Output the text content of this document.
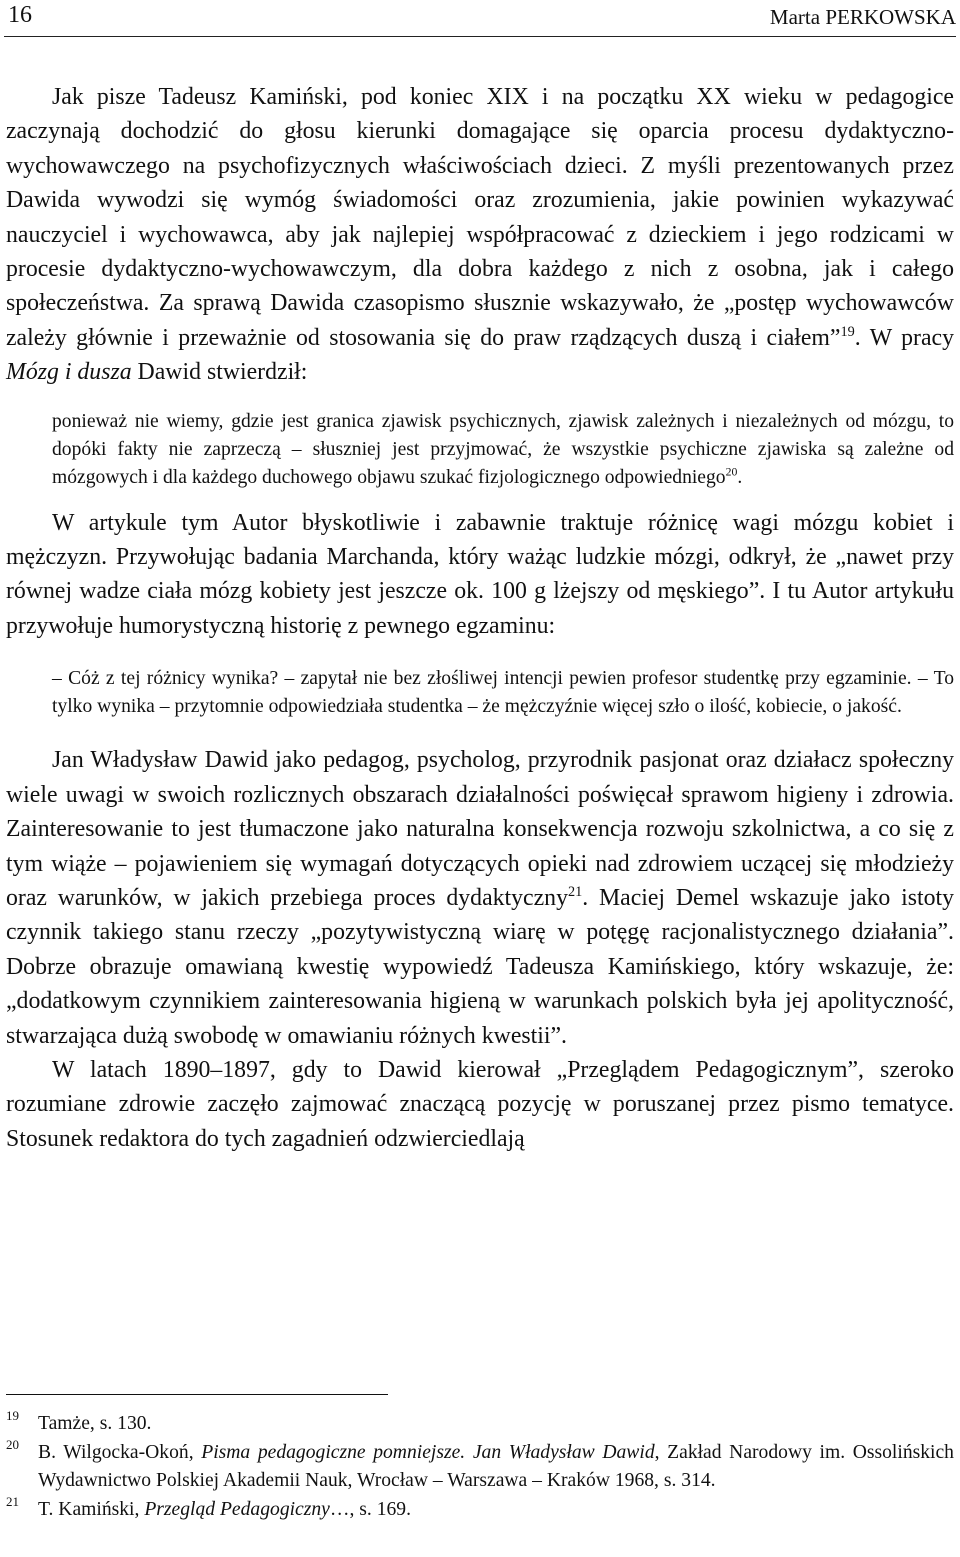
16	Marta PERKOWSKA

Jak pisze Tadeusz Kamiński, pod koniec XIX i na początku XX wieku w pedagogice zaczynają dochodzić do głosu kierunki domagające się oparcia procesu dydaktyczno-wychowawczego na psychofizycznych właściwościach dzieci. Z myśli prezentowanych przez Dawida wywodzi się wymóg świadomości oraz zrozumienia, jakie powinien wykazywać nauczyciel i wychowawca, aby jak najlepiej współpracować z dzieckiem i jego rodzicami w procesie dydaktyczno-wychowawczym, dla dobra każdego z nich z osobna, jak i całego społeczeństwa. Za sprawą Dawida czasopismo słusznie wskazywało, że „postęp wychowawców zależy głównie i przeważnie od stosowania się do praw rządzących duszą i ciałem”$^{19}$. W pracy Mózg i dusza Dawid stwierdził:

ponieważ nie wiemy, gdzie jest granica zjawisk psychicznych, zjawisk zależnych i niezależnych od mózgu, to dopóki fakty nie zaprzeczą – słuszniej jest przyjmować, że wszystkie psychiczne zjawiska są zależne od mózgowych i dla każdego duchowego objawu szukać fizjologicznego odpowiedniego$^{20}$.

W artykule tym Autor błyskotliwie i zabawnie traktuje różnicę wagi mózgu kobiet i mężczyzn. Przywołując badania Marchanda, który ważąc ludzkie mózgi, odkrył, że „nawet przy równej wadze ciała mózg kobiety jest jeszcze ok. 100 g lżejszy od męskiego”. I tu Autor artykułu przywołuje humorystyczną historię z pewnego egzaminu:

– Cóż z tej różnicy wynika? – zapytał nie bez złośliwej intencji pewien profesor studentkę przy egzaminie. – To tylko wynika – przytomnie odpowiedziała studentka – że mężczyźnie więcej szło o ilość, kobiecie, o jakość.

Jan Władysław Dawid jako pedagog, psycholog, przyrodnik pasjonat oraz działacz społeczny wiele uwagi w swoich rozlicznych obszarach działalności poświęcał sprawom higieny i zdrowia. Zainteresowanie to jest tłumaczone jako naturalna konsekwencja rozwoju szkolnictwa, a co się z tym wiąże – pojawieniem się wymagań dotyczących opieki nad zdrowiem uczącej się młodzieży oraz warunków, w jakich przebiega proces dydaktyczny$^{21}$. Maciej Demel wskazuje jako istoty czynnik takiego stanu rzeczy „pozytywistyczną wiarę w potęgę racjonalistycznego działania”. Dobrze obrazuje omawianą kwestię wypowiedź Tadeusza Kamińskiego, który wskazuje, że: „dodatkowym czynnikiem zainteresowania higieną w warunkach polskich była jej apolityczność, stwarzająca dużą swobodę w omawianiu różnych kwestii”.

W latach 1890–1897, gdy to Dawid kierował „Przeglądem Pedagogicznym”, szeroko rozumiane zdrowie zaczęło zajmować znaczącą pozycję w poruszanej przez pismo tematyce. Stosunek redaktora do tych zagadnień odzwierciedlają

19 Tamże, s. 130.
20 B. Wilgocka-Okoń, Pisma pedagogiczne pomniejsze. Jan Władysław Dawid, Zakład Narodowy im. Ossolińskich Wydawnictwo Polskiej Akademii Nauk, Wrocław – Warszawa – Kraków 1968, s. 314.
21 T. Kamiński, Przegląd Pedagogiczny…, s. 169.
